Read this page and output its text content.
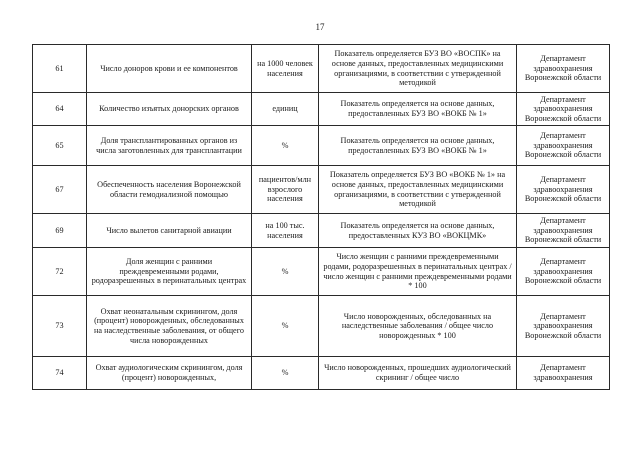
17
61	Число доноров крови и ее компонентов	на 1000 человек населения	Показатель определяется БУЗ ВО «ВОСПК» на основе данных, предоставленных медицинскими организациями, в соответствии с утвержденной методикой	Департамент здравоохранения Воронежской области
64	Количество изъятых донорских органов	единиц	Показатель определяется на основе данных, предоставленных БУЗ ВО «ВОКБ № 1»	Департамент здравоохранения Воронежской области
65	Доля трансплантированных органов из числа заготовленных для трансплантации	%	Показатель определяется на основе данных, предоставленных БУЗ ВО «ВОКБ № 1»	Департамент здравоохранения Воронежской области
67	Обеспеченность населения Воронежской области гемодиализной помощью	пациентов/млн взрослого населения	Показатель определяется БУЗ ВО «ВОКБ № 1» на основе данных, предоставленных медицинскими организациями, в соответствии с утвержденной методикой	Департамент здравоохранения Воронежской области
69	Число вылетов санитарной авиации	на 100 тыс. населения	Показатель определяется на основе данных, предоставленных КУЗ ВО «ВОКЦМК»	Департамент здравоохранения Воронежской области
72	Доля женщин с ранними преждевременными родами, родоразрешенных в перинатальных центрах	%	Число женщин с ранними преждевременными родами, родоразрешенных в перинатальных центрах / число женщин с ранними преждевременными родами * 100	Департамент здравоохранения Воронежской области
73	Охват неонатальным скринингом, доля (процент) новорожденных, обследованных на наследственные заболевания, от общего числа новорожденных	%	Число новорожденных, обследованных на наследственные заболевания / общее число новорожденных * 100	Департамент здравоохранения Воронежской области
74	Охват аудиологическим скринингом, доля (процент) новорожденных,	%	Число новорожденных, прошедших аудиологический скрининг / общее число	Департамент здравоохранения
